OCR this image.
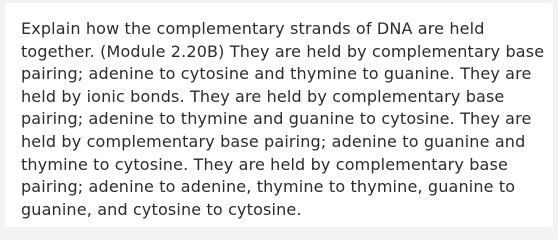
Explain how the complementary strands of DNA are held together. (Module 2.20B) They are held by complementary base pairing; adenine to cytosine and thymine to guanine. They are held by ionic bonds. They are held by complementary base pairing; adenine to thymine and guanine to cytosine. They are held by complementary base pairing; adenine to guanine and thymine to cytosine. They are held by complementary base pairing; adenine to adenine, thymine to thymine, guanine to guanine, and cytosine to cytosine.
